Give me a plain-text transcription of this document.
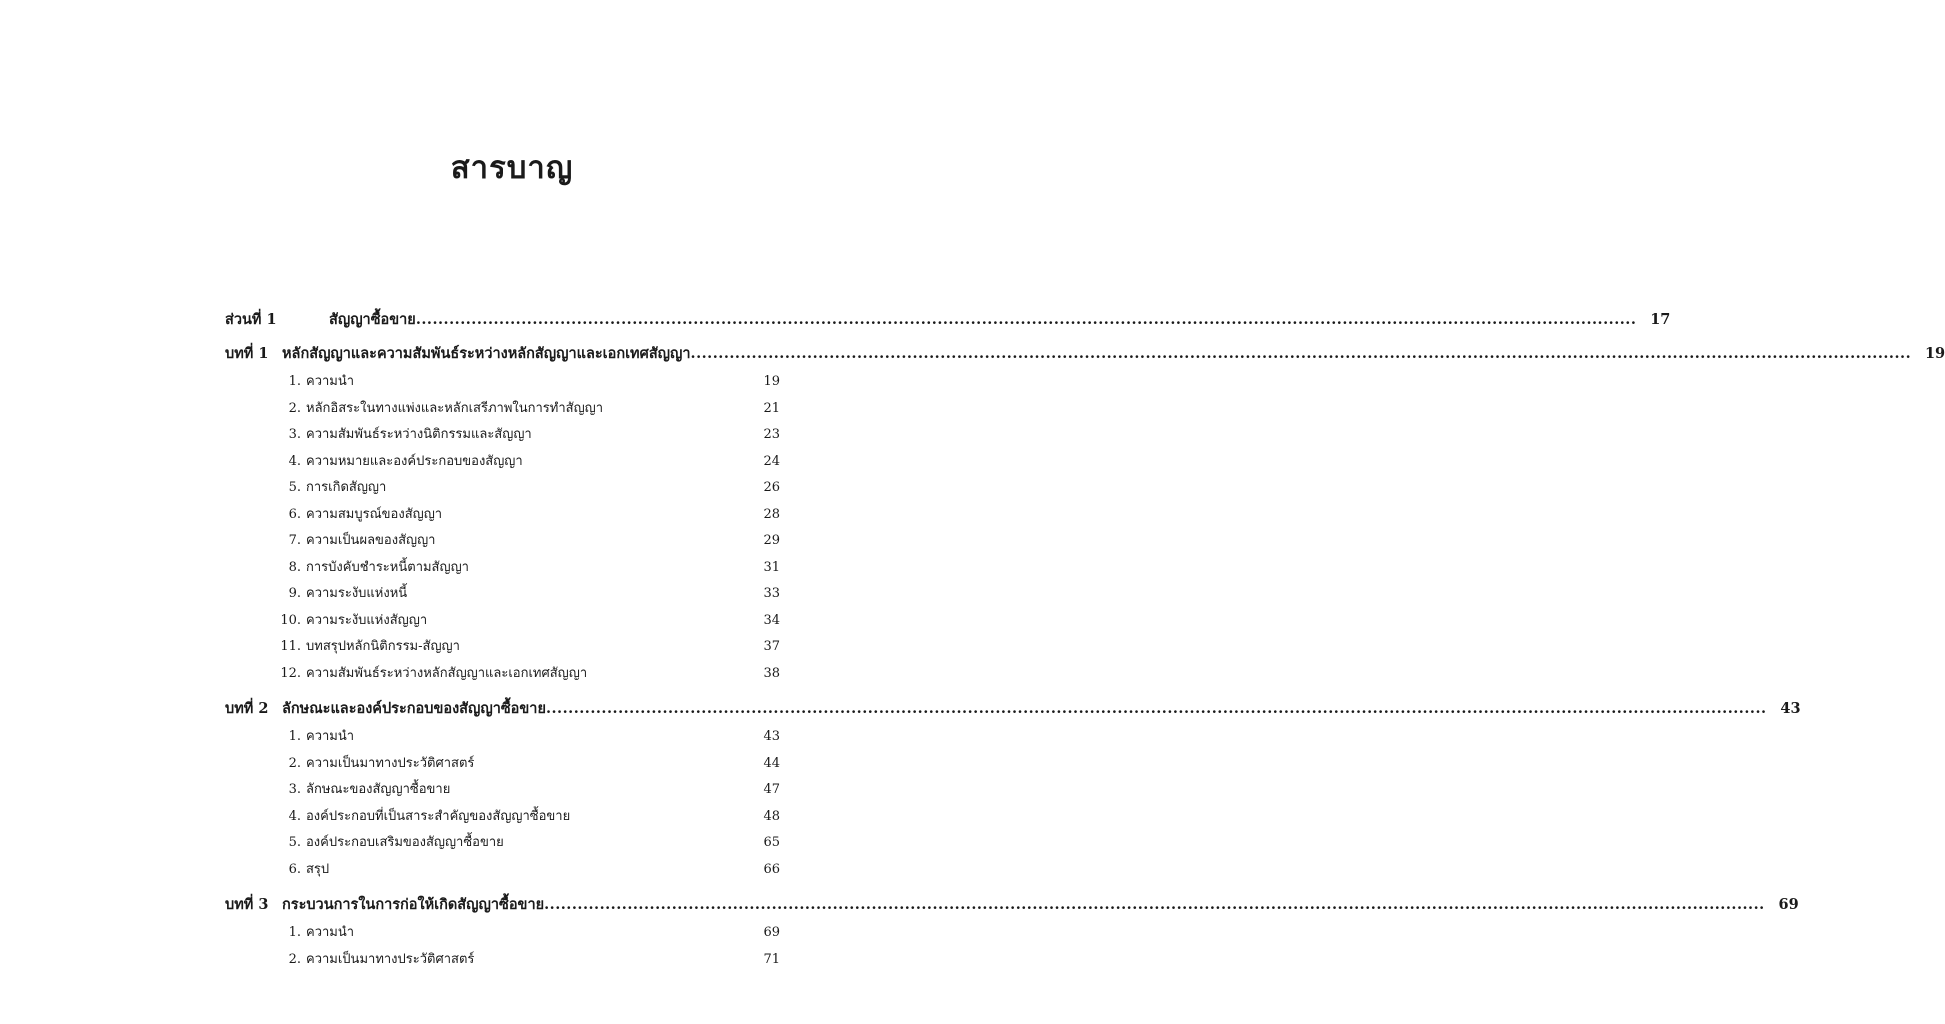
สารบาญ
ส่วนที่ 1	สัญญาซื้อขาย ............................................................................................................................................................................................................................ 17
บทที่ 1 หลักสัญญาและความสัมพันธ์ระหว่างหลักสัญญาและเอกเทศสัญญา ............................................................................................................................................................................................................................ 19
1. ความนำ	19
2. หลักอิสระในทางแพ่งและหลักเสรีภาพในการทำสัญญา	21
3. ความสัมพันธ์ระหว่างนิติกรรมและสัญญา	23
4. ความหมายและองค์ประกอบของสัญญา	24
5. การเกิดสัญญา	26
6. ความสมบูรณ์ของสัญญา	28
7. ความเป็นผลของสัญญา	29
8. การบังคับชำระหนี้ตามสัญญา	31
9. ความระงับแห่งหนี้	33
10. ความระงับแห่งสัญญา	34
11. บทสรุปหลักนิติกรรม-สัญญา	37
12. ความสัมพันธ์ระหว่างหลักสัญญาและเอกเทศสัญญา	38
บทที่ 2 ลักษณะและองค์ประกอบของสัญญาซื้อขาย ............................................................................................................................................................................................................................ 43
1. ความนำ	43
2. ความเป็นมาทางประวัติศาสตร์	44
3. ลักษณะของสัญญาซื้อขาย	47
4. องค์ประกอบที่เป็นสาระสำคัญของสัญญาซื้อขาย	48
5. องค์ประกอบเสริมของสัญญาซื้อขาย	65
6. สรุป	66
บทที่ 3 กระบวนการในการก่อให้เกิดสัญญาซื้อขาย ............................................................................................................................................................................................................................ 69
1. ความนำ	69
2. ความเป็นมาทางประวัติศาสตร์	71
